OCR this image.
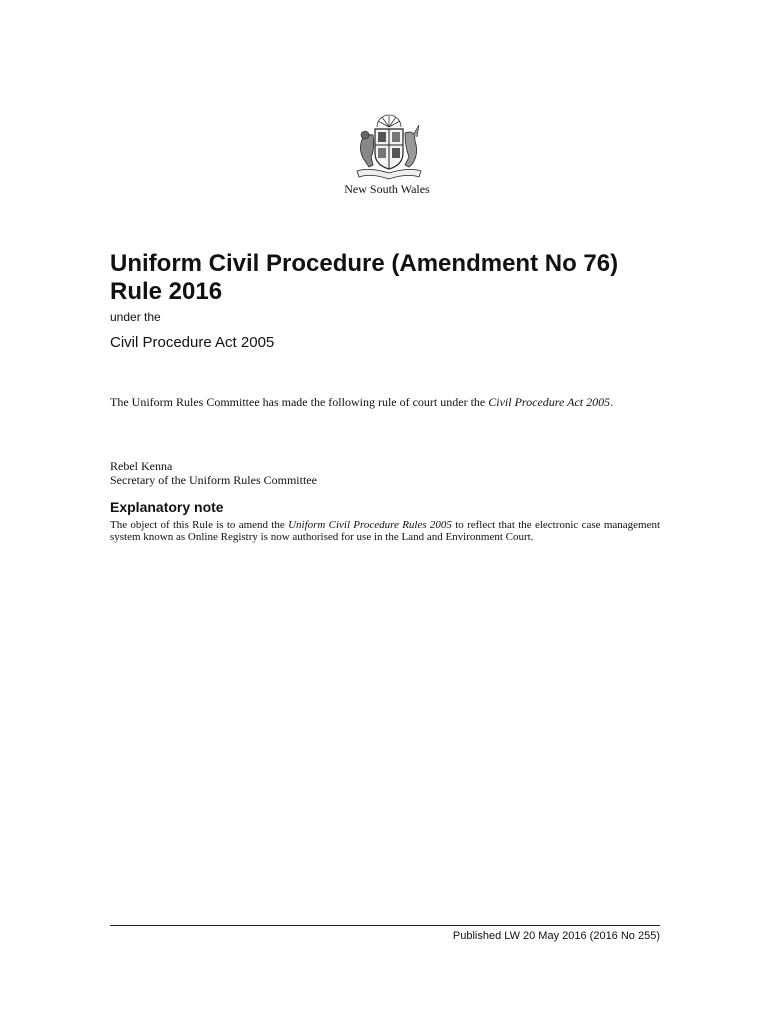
New South Wales
Uniform Civil Procedure (Amendment No 76) Rule 2016

under the

Civil Procedure Act 2005

The Uniform Rules Committee has made the following rule of court under the Civil Procedure Act 2005.

Rebel Kenna
Secretary of the Uniform Rules Committee

Explanatory note

The object of this Rule is to amend the Uniform Civil Procedure Rules 2005 to reflect that the electronic case management system known as Online Registry is now authorised for use in the Land and Environment Court.

Published LW 20 May 2016 (2016 No 255)
